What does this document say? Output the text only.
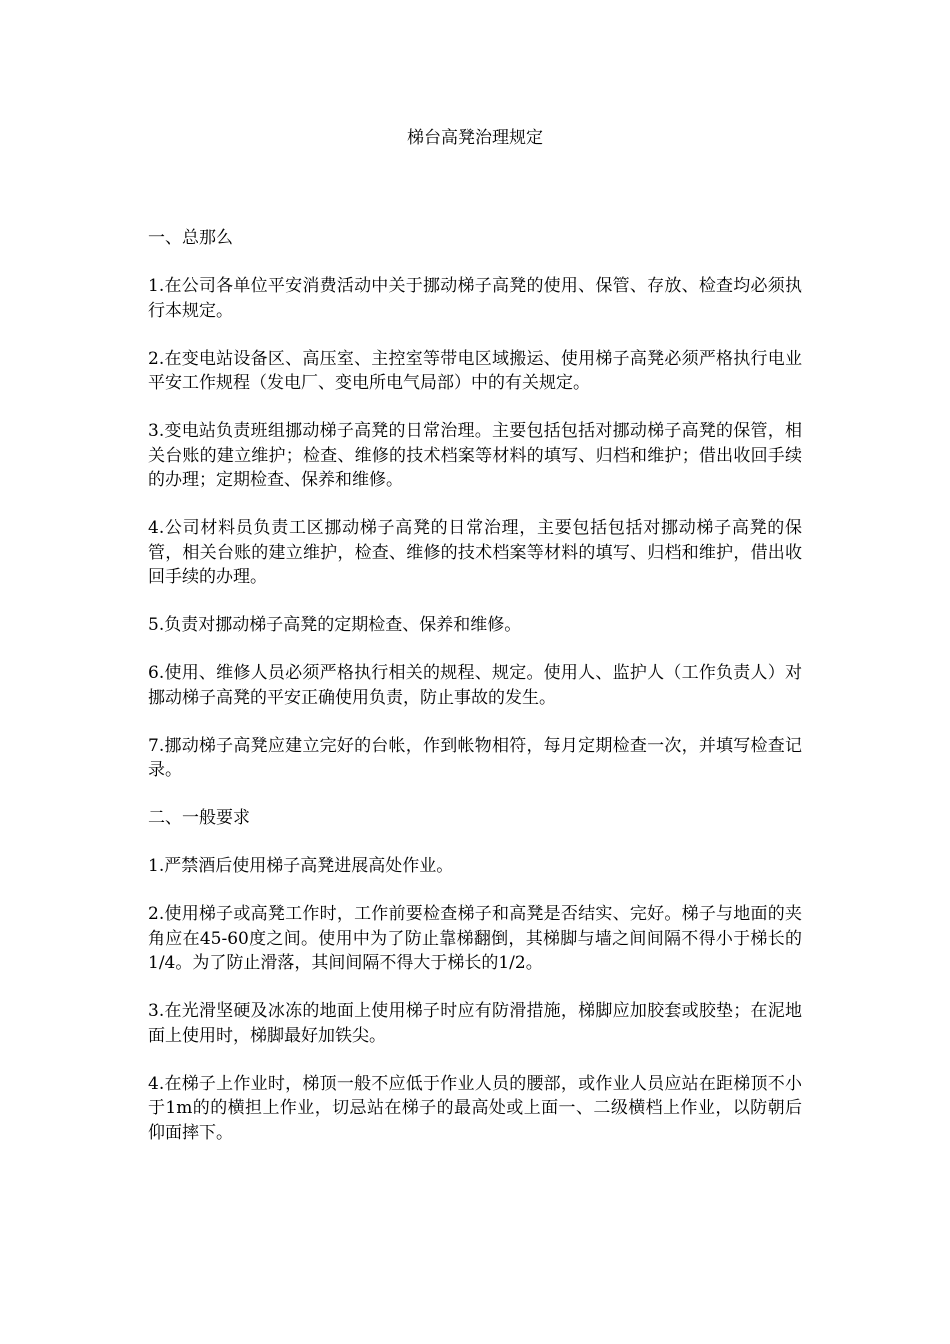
梯台高凳治理规定
一、总那么

1.在公司各单位平安消费活动中关于挪动梯子高凳的使用、保管、存放、检查均必须执行本规定。

2.在变电站设备区、高压室、主控室等带电区域搬运、使用梯子高凳必须严格执行电业平安工作规程（发电厂、变电所电气局部）中的有关规定。

3.变电站负责班组挪动梯子高凳的日常治理。主要包括包括对挪动梯子高凳的保管，相关台账的建立维护；检查、维修的技术档案等材料的填写、归档和维护；借出收回手续的办理；定期检查、保养和维修。

4.公司材料员负责工区挪动梯子高凳的日常治理，主要包括包括对挪动梯子高凳的保管，相关台账的建立维护，检查、维修的技术档案等材料的填写、归档和维护，借出收回手续的办理。

5.负责对挪动梯子高凳的定期检查、保养和维修。

6.使用、维修人员必须严格执行相关的规程、规定。使用人、监护人（工作负责人）对挪动梯子高凳的平安正确使用负责，防止事故的发生。

7.挪动梯子高凳应建立完好的台帐，作到帐物相符，每月定期检查一次，并填写检查记录。

二、一般要求

1.严禁酒后使用梯子高凳进展高处作业。

2.使用梯子或高凳工作时，工作前要检查梯子和高凳是否结实、完好。梯子与地面的夹角应在45-60度之间。使用中为了防止靠梯翻倒，其梯脚与墙之间间隔不得小于梯长的1/4。为了防止滑落，其间间隔不得大于梯长的1/2。

3.在光滑坚硬及冰冻的地面上使用梯子时应有防滑措施，梯脚应加胶套或胶垫；在泥地面上使用时，梯脚最好加铁尖。

4.在梯子上作业时，梯顶一般不应低于作业人员的腰部，或作业人员应站在距梯顶不小于1m的的横担上作业，切忌站在梯子的最高处或上面一、二级横档上作业，以防朝后仰面摔下。
